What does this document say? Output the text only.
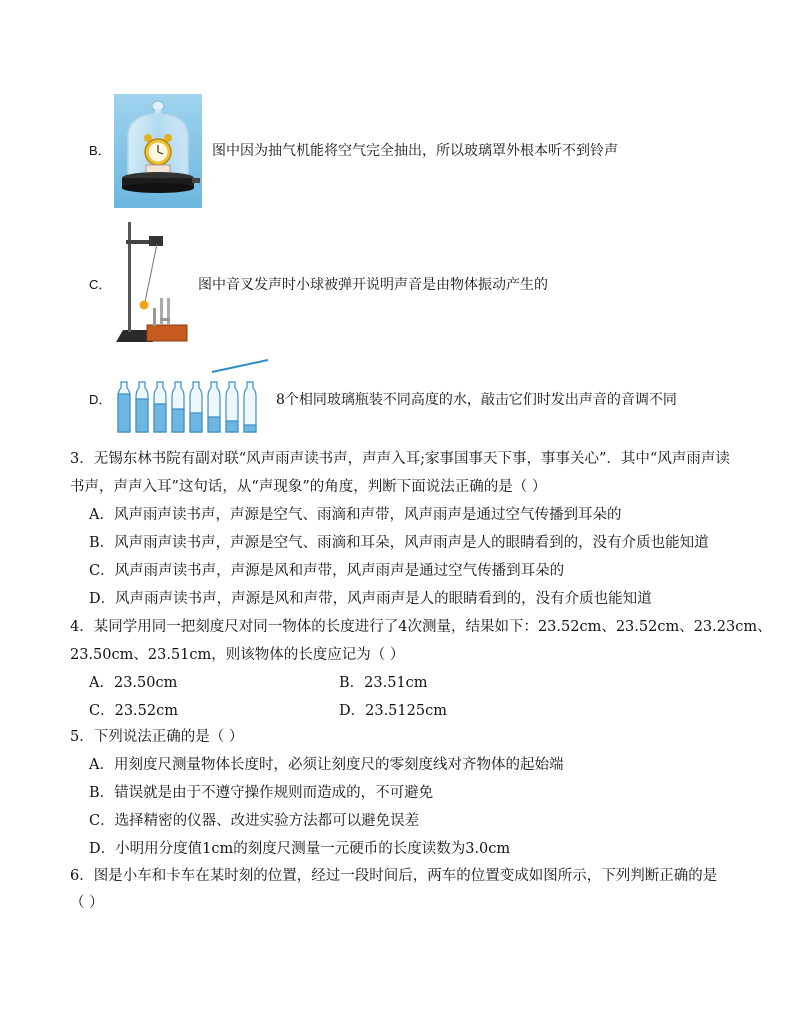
B．	图中因为抽气机能将空气完全抽出，所以玻璃罩外根本听不到铃声
C．	图中音叉发声时小球被弹开说明声音是由物体振动产生的
D．	8个相同玻璃瓶装不同高度的水，敲击它们时发出声音的音调不同
3．无锡东林书院有副对联“风声雨声读书声，声声入耳;家事国事天下事，事事关心”．其中“风声雨声读
书声，声声入耳”这句话，从“声现象”的角度，判断下面说法正确的是（ ）
A．风声雨声读书声，声源是空气、雨滴和声带，风声雨声是通过空气传播到耳朵的
B．风声雨声读书声，声源是空气、雨滴和耳朵，风声雨声是人的眼睛看到的，没有介质也能知道
C．风声雨声读书声，声源是风和声带，风声雨声是通过空气传播到耳朵的
D．风声雨声读书声，声源是风和声带，风声雨声是人的眼睛看到的，没有介质也能知道
4．某同学用同一把刻度尺对同一物体的长度进行了4次测量，结果如下：23.52cm、23.52cm、23.23cm、
23.50cm、23.51cm，则该物体的长度应记为（ ）
A．23.50cm	B．23.51cm
C．23.52cm	D．23.5125cm
5．下列说法正确的是（ ）
A．用刻度尺测量物体长度时，必须让刻度尺的零刻度线对齐物体的起始端
B．错误就是由于不遵守操作规则而造成的，不可避免
C．选择精密的仪器、改进实验方法都可以避免误差
D．小明用分度值1cm的刻度尺测量一元硬币的长度读数为3.0cm
6．图是小车和卡车在某时刻的位置，经过一段时间后，两车的位置变成如图所示，下列判断正确的是
（ ）
